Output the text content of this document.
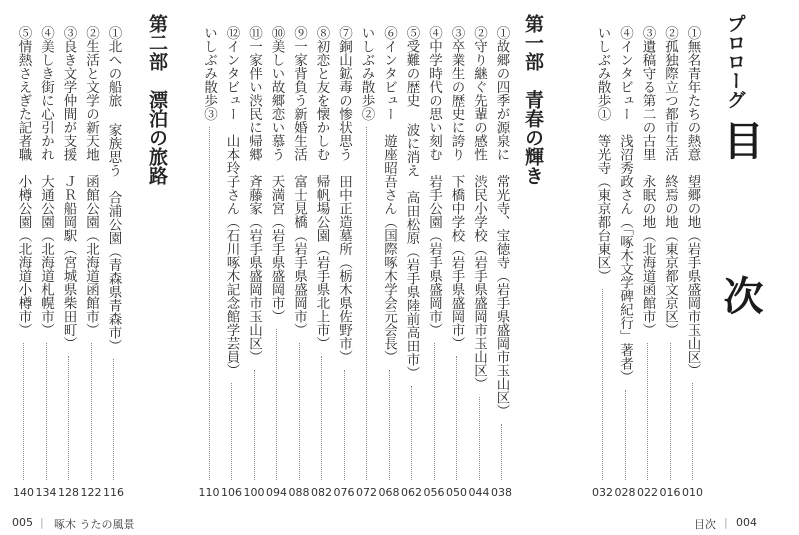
目 次
プロローグ
①無名青年たちの熱意　望郷の地（岩手県盛岡市玉山区）
010
②孤独際立つ都市生活　終焉の地（東京都文京区）
016
③遺稿守る第二の古里　永眠の地（北海道函館市）
022
④インタビュー　浅沼秀政さん（「啄木文学碑紀行」著者）
028
いしぶみ散歩①　等光寺（東京都台東区）
032
第一部　青春の輝き
①故郷の四季が源泉に　常光寺、宝徳寺（岩手県盛岡市玉山区）
038
②守り継ぐ先輩の感性　渋民小学校（岩手県盛岡市玉山区）
044
③卒業生の歴史に誇り　下橋中学校（岩手県盛岡市）
050
④中学時代の思い刻む　岩手公園（岩手県盛岡市）
056
⑤受難の歴史 波に消え　高田松原（岩手県陸前高田市）
062
⑥インタビュー　遊座昭吾さん（国際啄木学会元会長）
068
いしぶみ散歩②
072
⑦銅山鉱毒の惨状思う　田中正造墓所（栃木県佐野市）
076
⑧初恋と友を懐かしむ　帰帆場公園（岩手県北上市）
082
⑨一家背負う新婚生活　富士見橋（岩手県盛岡市）
088
⑩美しい故郷恋い慕う　天満宮（岩手県盛岡市）
094
⑪一家伴い渋民に帰郷　斉藤家（岩手県盛岡市玉山区）
100
⑫インタビュー　山本玲子さん（石川啄木記念館学芸員）
106
いしぶみ散歩③
110
第二部　漂泊の旅路
①北への船旅 家族思う　合浦公園（青森県青森市）
116
②生活と文学の新天地　函館公園（北海道函館市）
122
③良き文学仲間が支援　ＪＲ船岡駅（宮城県柴田町）
128
④美しき街に心引かれ　大通公園（北海道札幌市）
134
⑤情熱さえぎた記者職　小樽公園（北海道小樽市）
140
005 | 啄木 うたの風景	目次 | 004
